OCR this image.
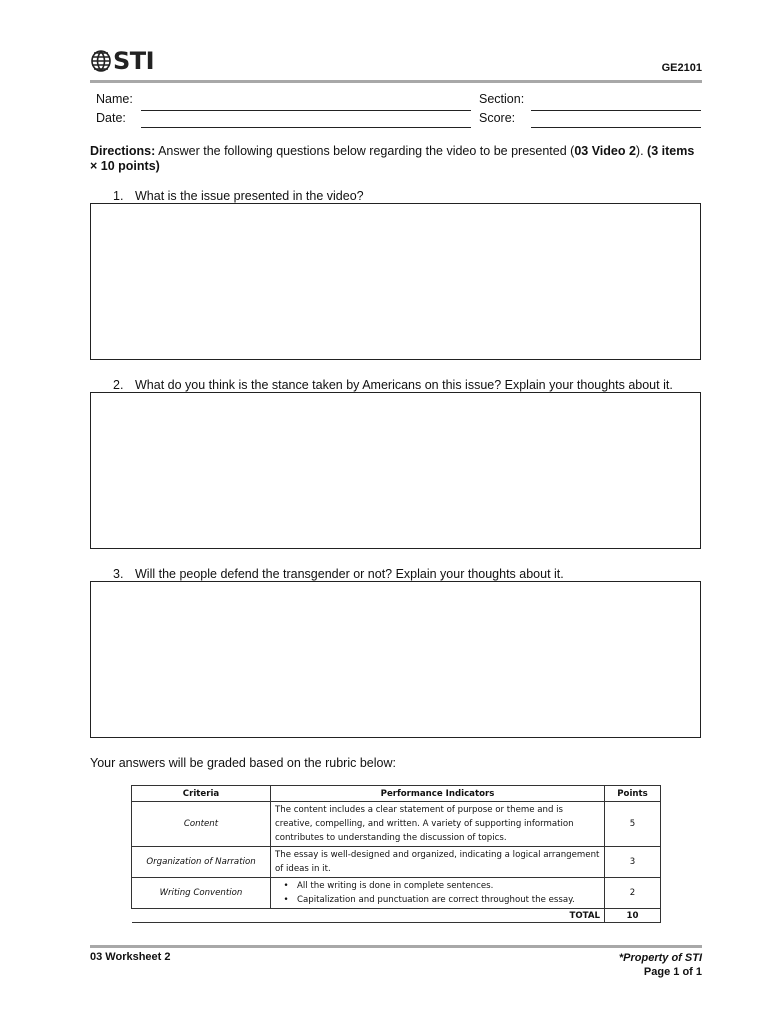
STI	GE2101
Name:
Date:
Section:
Score:
Directions: Answer the following questions below regarding the video to be presented (03 Video 2). (3 items × 10 points)
1. What is the issue presented in the video?
2. What do you think is the stance taken by Americans on this issue? Explain your thoughts about it.
3. Will the people defend the transgender or not? Explain your thoughts about it.
Your answers will be graded based on the rubric below:
Criteria	Performance Indicators	Points
Content	The content includes a clear statement of purpose or theme and is creative, compelling, and written. A variety of supporting information contributes to understanding the discussion of topics.	5
Organization of Narration	The essay is well-designed and organized, indicating a logical arrangement of ideas in it.	3
Writing Convention	• All the writing is done in complete sentences.
• Capitalization and punctuation are correct throughout the essay.	2
TOTAL		10
03 Worksheet 2	*Property of STI
Page 1 of 1
